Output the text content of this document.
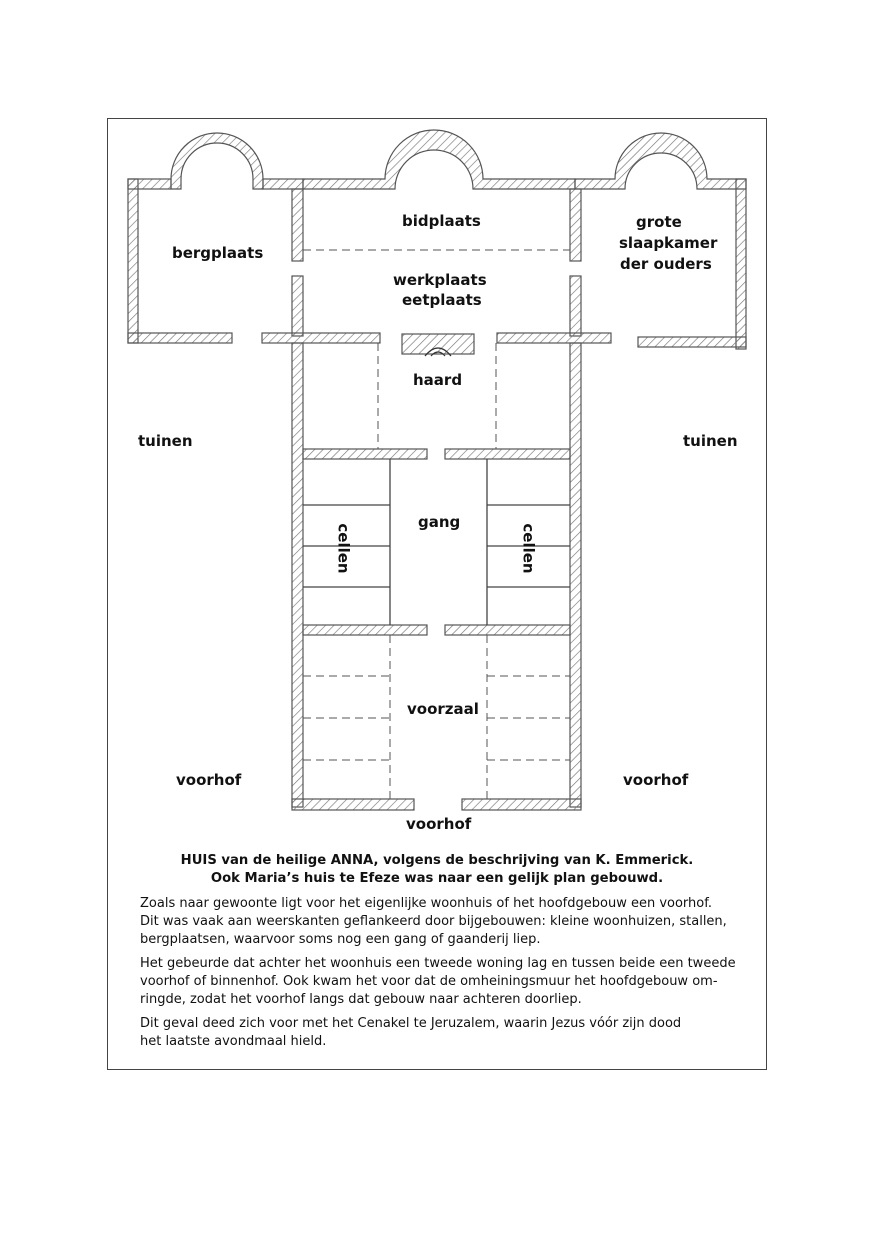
bergplaats
bidplaats
werkplaats
eetplaats
grote
slaapkamer
der ouders
haard
gang
cellen	cellen
voorzaal
tuinen	tuinen
voorhof	voorhof
voorhof
HUIS van de heilige ANNA, volgens de beschrijving van K. Emmerick.
Ook Maria’s huis te Efeze was naar een gelijk plan gebouwd.

Zoals naar gewoonte ligt voor het eigenlijke woonhuis of het hoofdgebouw een voorhof.
Dit was vaak aan weerskanten geflankeerd door bijgebouwen: kleine woonhuizen, stallen,
bergplaatsen, waarvoor soms nog een gang of gaanderij liep.

Het gebeurde dat achter het woonhuis een tweede woning lag en tussen beide een tweede
voorhof of binnenhof. Ook kwam het voor dat de omheiningsmuur het hoofdgebouw om-
ringde, zodat het voorhof langs dat gebouw naar achteren doorliep.

Dit geval deed zich voor met het Cenakel te Jeruzalem, waarin Jezus vóór zijn dood
het laatste avondmaal hield.
